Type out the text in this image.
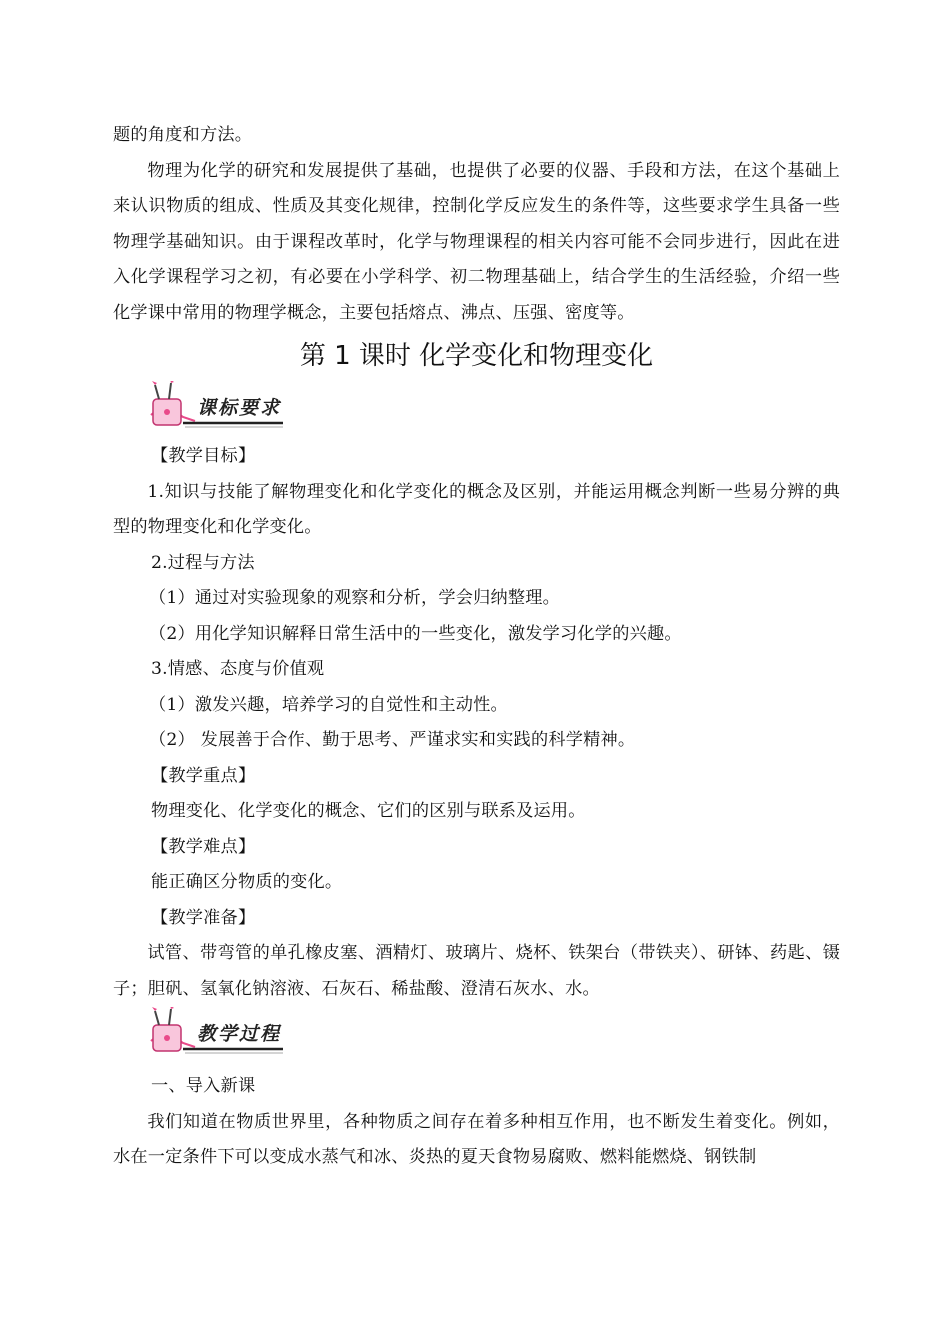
题的角度和方法。

物理为化学的研究和发展提供了基础，也提供了必要的仪器、手段和方法，在这个基础上来认识物质的组成、性质及其变化规律，控制化学反应发生的条件等，这些要求学生具备一些物理学基础知识。由于课程改革时，化学与物理课程的相关内容可能不会同步进行，因此在进入化学课程学习之初，有必要在小学科学、初二物理基础上，结合学生的生活经验，介绍一些化学课中常用的物理学概念，主要包括熔点、沸点、压强、密度等。

第 1 课时 化学变化和物理变化
课标要求

【教学目标】

1.知识与技能了解物理变化和化学变化的概念及区别，并能运用概念判断一些易分辨的典型的物理变化和化学变化。

2.过程与方法

（1）通过对实验现象的观察和分析，学会归纳整理。

（2）用化学知识解释日常生活中的一些变化，激发学习化学的兴趣。

3.情感、态度与价值观

（1）激发兴趣，培养学习的自觉性和主动性。

（2） 发展善于合作、勤于思考、严谨求实和实践的科学精神。

【教学重点】

物理变化、化学变化的概念、它们的区别与联系及运用。

【教学难点】

能正确区分物质的变化。

【教学准备】

试管、带弯管的单孔橡皮塞、酒精灯、玻璃片、烧杯、铁架台（带铁夹）、研钵、药匙、镊子；胆矾、氢氧化钠溶液、石灰石、稀盐酸、澄清石灰水、水。

教学过程

一、导入新课

我们知道在物质世界里，各种物质之间存在着多种相互作用，也不断发生着变化。例如，水在一定条件下可以变成水蒸气和冰、炎热的夏天食物易腐败、燃料能燃烧、钢铁制
